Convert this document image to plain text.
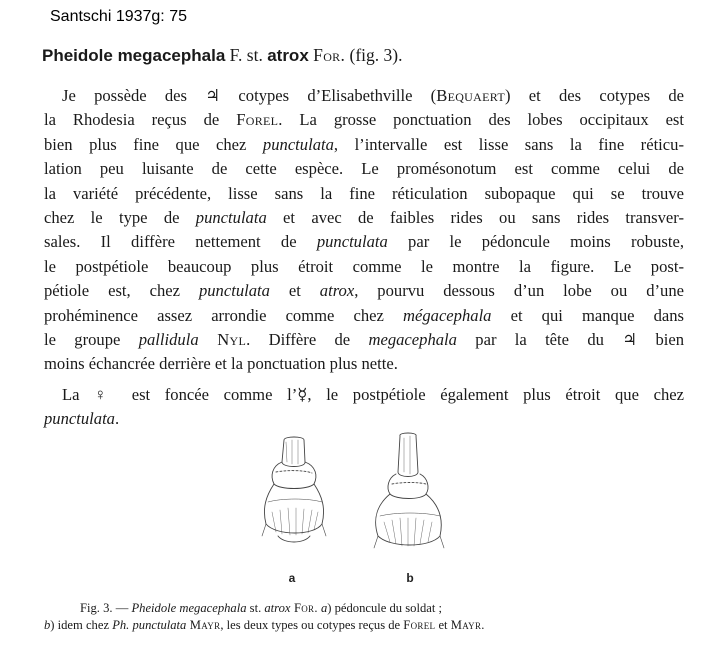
Santschi 1937g: 75
Pheidole megacephala F. st. atrox For. (fig. 3).
Je possède des ♃ cotypes d’Elisabethville (Bequaert) et des cotypes de
la Rhodesia reçus de Forel. La grosse ponctuation des lobes occipitaux est
bien plus fine que chez punctulata, l’intervalle est lisse sans la fine réticu-
lation peu luisante de cette espèce. Le promésonotum est comme celui de
la variété précédente, lisse sans la fine réticulation subopaque qui se trouve
chez le type de punctulata et avec de faibles rides ou sans rides transver-
sales. Il diffère nettement de punctulata par le pédoncule moins robuste,
le postpétiole beaucoup plus étroit comme le montre la figure. Le post-
pétiole est, chez punctulata et atrox, pourvu dessous d’un lobe ou d’une
prohéminence assez arrondie comme chez mégacephala et qui manque dans
le groupe pallidula Nyl. Diffère de megacephala par la tête du ♃ bien
moins échancrée derrière et la ponctuation plus nette.
La ♀ est foncée comme l’☿, le postpétiole également plus étroit que chez
punctulata.
a	b
Fig. 3. — Pheidole megacephala st. atrox For. a) pédoncule du soldat ;
b) idem chez Ph. punctulata Mayr, les deux types ou cotypes reçus de Forel et Mayr.
